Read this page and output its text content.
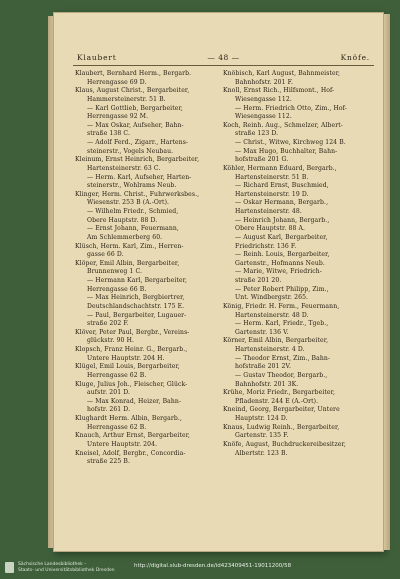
Klaubert	— 48 —	Knöfe.
Klaubert, Bernhard Herm., Bergarb.
Herrengasse 69 D.
Klaus, August Christ., Bergarbeiter,
Hammersteinerstr. 51 B.
— Karl Gottlieb, Bergarbeiter,
Herrengasse 92 M.
— Max Oskar, Aufseher, Bahn-
straße 138 C.
— Adolf Ferd., Zigarr., Hartens-
steinerstr., Vogels Neubau.
Kleinum, Ernst Heinrich, Bergarbeiter,
Hartensteinerstr. 63 C.
— Herm. Karl, Aufseher, Harten-
steinerstr., Wohlrams Neub.
Klinger, Herm. Christ., Fuhrwerksbes.,
Wiesenstr. 253 B (A.-Ort).
— Wilhelm Friedr., Schmied,
Obere Hauptstr. 88 D.
— Ernst Johann, Feuermann,
Am Schlemmerberg 60.
Klüsch, Herm. Karl, Zim., Herren-
gasse 66 D.
Klöper, Emil Albin, Bergarbeiter,
Brunnenweg 1 C.
— Hermann Karl, Bergarbeiter,
Herrengasse 66 B.
— Max Heinrich, Bergbiertrer,
Deutschlandschachtstr. 175 E.
— Paul, Bergarbeiter, Lugauer-
straße 202 F.
Klöver, Peter Paul, Bergbr., Vereins-
glückstr. 90 H.
Klopsch, Franz Heinr. G., Bergarb.,
Untere Hauptstr. 204 H.
Klügel, Emil Louis, Bergarbeiter,
Herrengasse 62 B.
Kluge, Julius Joh., Fleischer, Glück-
aufstr. 201 D.
— Max Konrad, Heizer, Bahn-
hofstr. 261 D.
Klughardt Herm. Albin, Bergarb.,
Herrengasse 62 B.
Knauch, Arthur Ernst, Bergarbeiter,
Untere Hauptstr. 204.
Kneisel, Adolf, Bergbr., Concordia-
straße 225 B.
Knöbisch, Karl August, Bahnmeister,
Bahnhofstr. 201 F.
Knoll, Ernst Rich., Hilfsmont., Hof-
Wiesengasse 112.
— Herm. Friedrich Otto, Zim., Hof-
Wiesengasse 112.
Koch, Reinh. Aug., Schmelzer, Albert-
straße 123 D.
— Christ., Witwe, Kirchweg 124 B.
— Max Hugo, Buchhalter, Bahn-
hofstraße 201 G.
Köhler, Hermann Eduard, Bergarb.,
Hartensteinerstr. 51 B.
— Richard Ernst, Buschmied,
Hartensteinerstr. 19 D.
— Oskar Hermann, Bergarb.,
Hartensteinerstr. 48.
— Heinrich Johann, Bergarb.,
Obere Hauptstr. 88 A.
— August Karl, Bergarbeiter,
Friedrichstr. 136 F.
— Reinh. Louis, Bergarbeiter,
Gartenstr., Hofmanns Neub.
— Marie, Witwe, Friedrich-
straße 201 20.
— Peter Robert Philipp, Zim.,
Unt. Windbergstr. 265.
König, Friedr. H. Ferm., Feuermann,
Hartensteinerstr. 48 D.
— Herm. Karl, Friedr., Tgeb.,
Gartenstr. 136 V.
Körner, Emil Albin, Bergarbeiter,
Hartensteinerstr. 4 D.
— Theodor Ernst, Zim., Bahn-
hofstraße 201 2V.
— Gustav Theodor, Bergarb.,
Bahnhofstr. 201 3K.
Krühe, Moriz Friedr., Bergarbeiter,
Pfladenstr. 244 E (A.-Ort).
Kneind, Georg, Bergarbeiter, Untere
Hauptstr. 124 D.
Knaus, Ludwig Reinh., Bergarbeiter,
Gartenstr. 135 F.
Knöfe, August, Buchdruckereibesitzer,
Albertstr. 123 B.
Sächsische Landesbibliothek –
Staats- und Universitätsbibliothek Dresden
http://digital.slub-dresden.de/id423409451-19011200/58
